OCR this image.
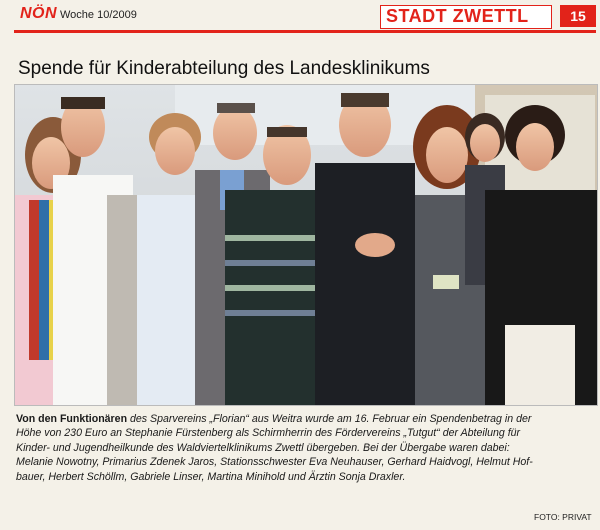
NÖN Woche 10/2009	STADT ZWETTL	15
Spende für Kinderabteilung des Landesklinikums
Von den Funktionären des Sparvereins „Florian“ aus Weitra wurde am 16. Februar ein Spendenbetrag in der
Höhe von 230 Euro an Stephanie Fürstenberg als Schirmherrin des Fördervereins „Tutgut“ der Abteilung für
Kinder- und Jugendheilkunde des Waldviertelklinikums Zwettl übergeben. Bei der Übergabe waren dabei:
Melanie Nowotny, Primarius Zdenek Jaros, Stationsschwester Eva Neuhauser, Gerhard Haidvogl, Helmut Hof-
bauer, Herbert Schöllm, Gabriele Linser, Martina Minihold und Ärztin Sonja Draxler.
FOTO: PRIVAT
